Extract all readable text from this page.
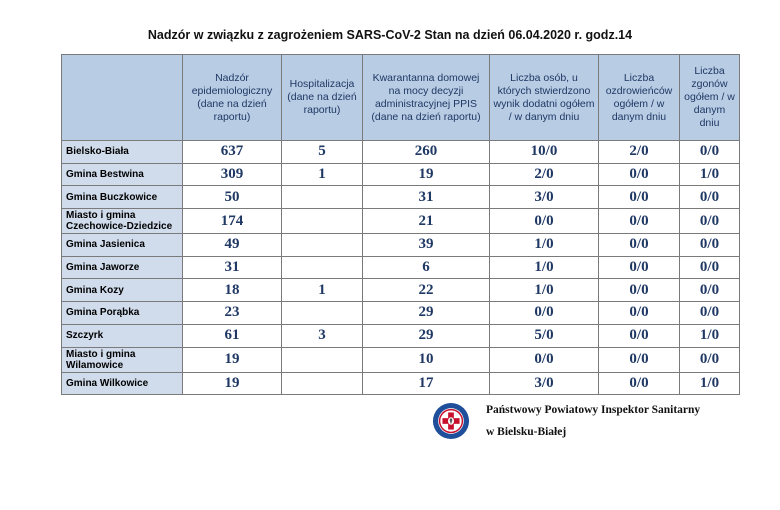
Nadzór w związku z zagrożeniem SARS-CoV-2 Stan na dzień 06.04.2020 r. godz.14
	Nadzór epidemiologiczny (dane na dzień raportu)	Hospitalizacja (dane na dzień raportu)	Kwarantanna domowej na mocy decyzji administracyjnej PPIS (dane na dzień raportu)	Liczba osób, u których stwierdzono wynik dodatni ogółem / w danym dniu	Liczba ozdrowieńców ogółem / w danym dniu	Liczba zgonów ogółem / w danym dniu
Bielsko-Biała	637	5	260	10/0	2/0	0/0
Gmina Bestwina	309	1	19	2/0	0/0	1/0
Gmina Buczkowice	50		31	3/0	0/0	0/0
Miasto i gmina Czechowice-Dziedzice	174		21	0/0	0/0	0/0
Gmina Jasienica	49		39	1/0	0/0	0/0
Gmina Jaworze	31		6	1/0	0/0	0/0
Gmina Kozy	18	1	22	1/0	0/0	0/0
Gmina Porąbka	23		29	0/0	0/0	0/0
Szczyrk	61	3	29	5/0	0/0	1/0
Miasto i gmina Wilamowice	19		10	0/0	0/0	0/0
Gmina Wilkowice	19		17	3/0	0/0	1/0
Państwowy Powiatowy Inspektor Sanitarny
w Bielsku-Białej
